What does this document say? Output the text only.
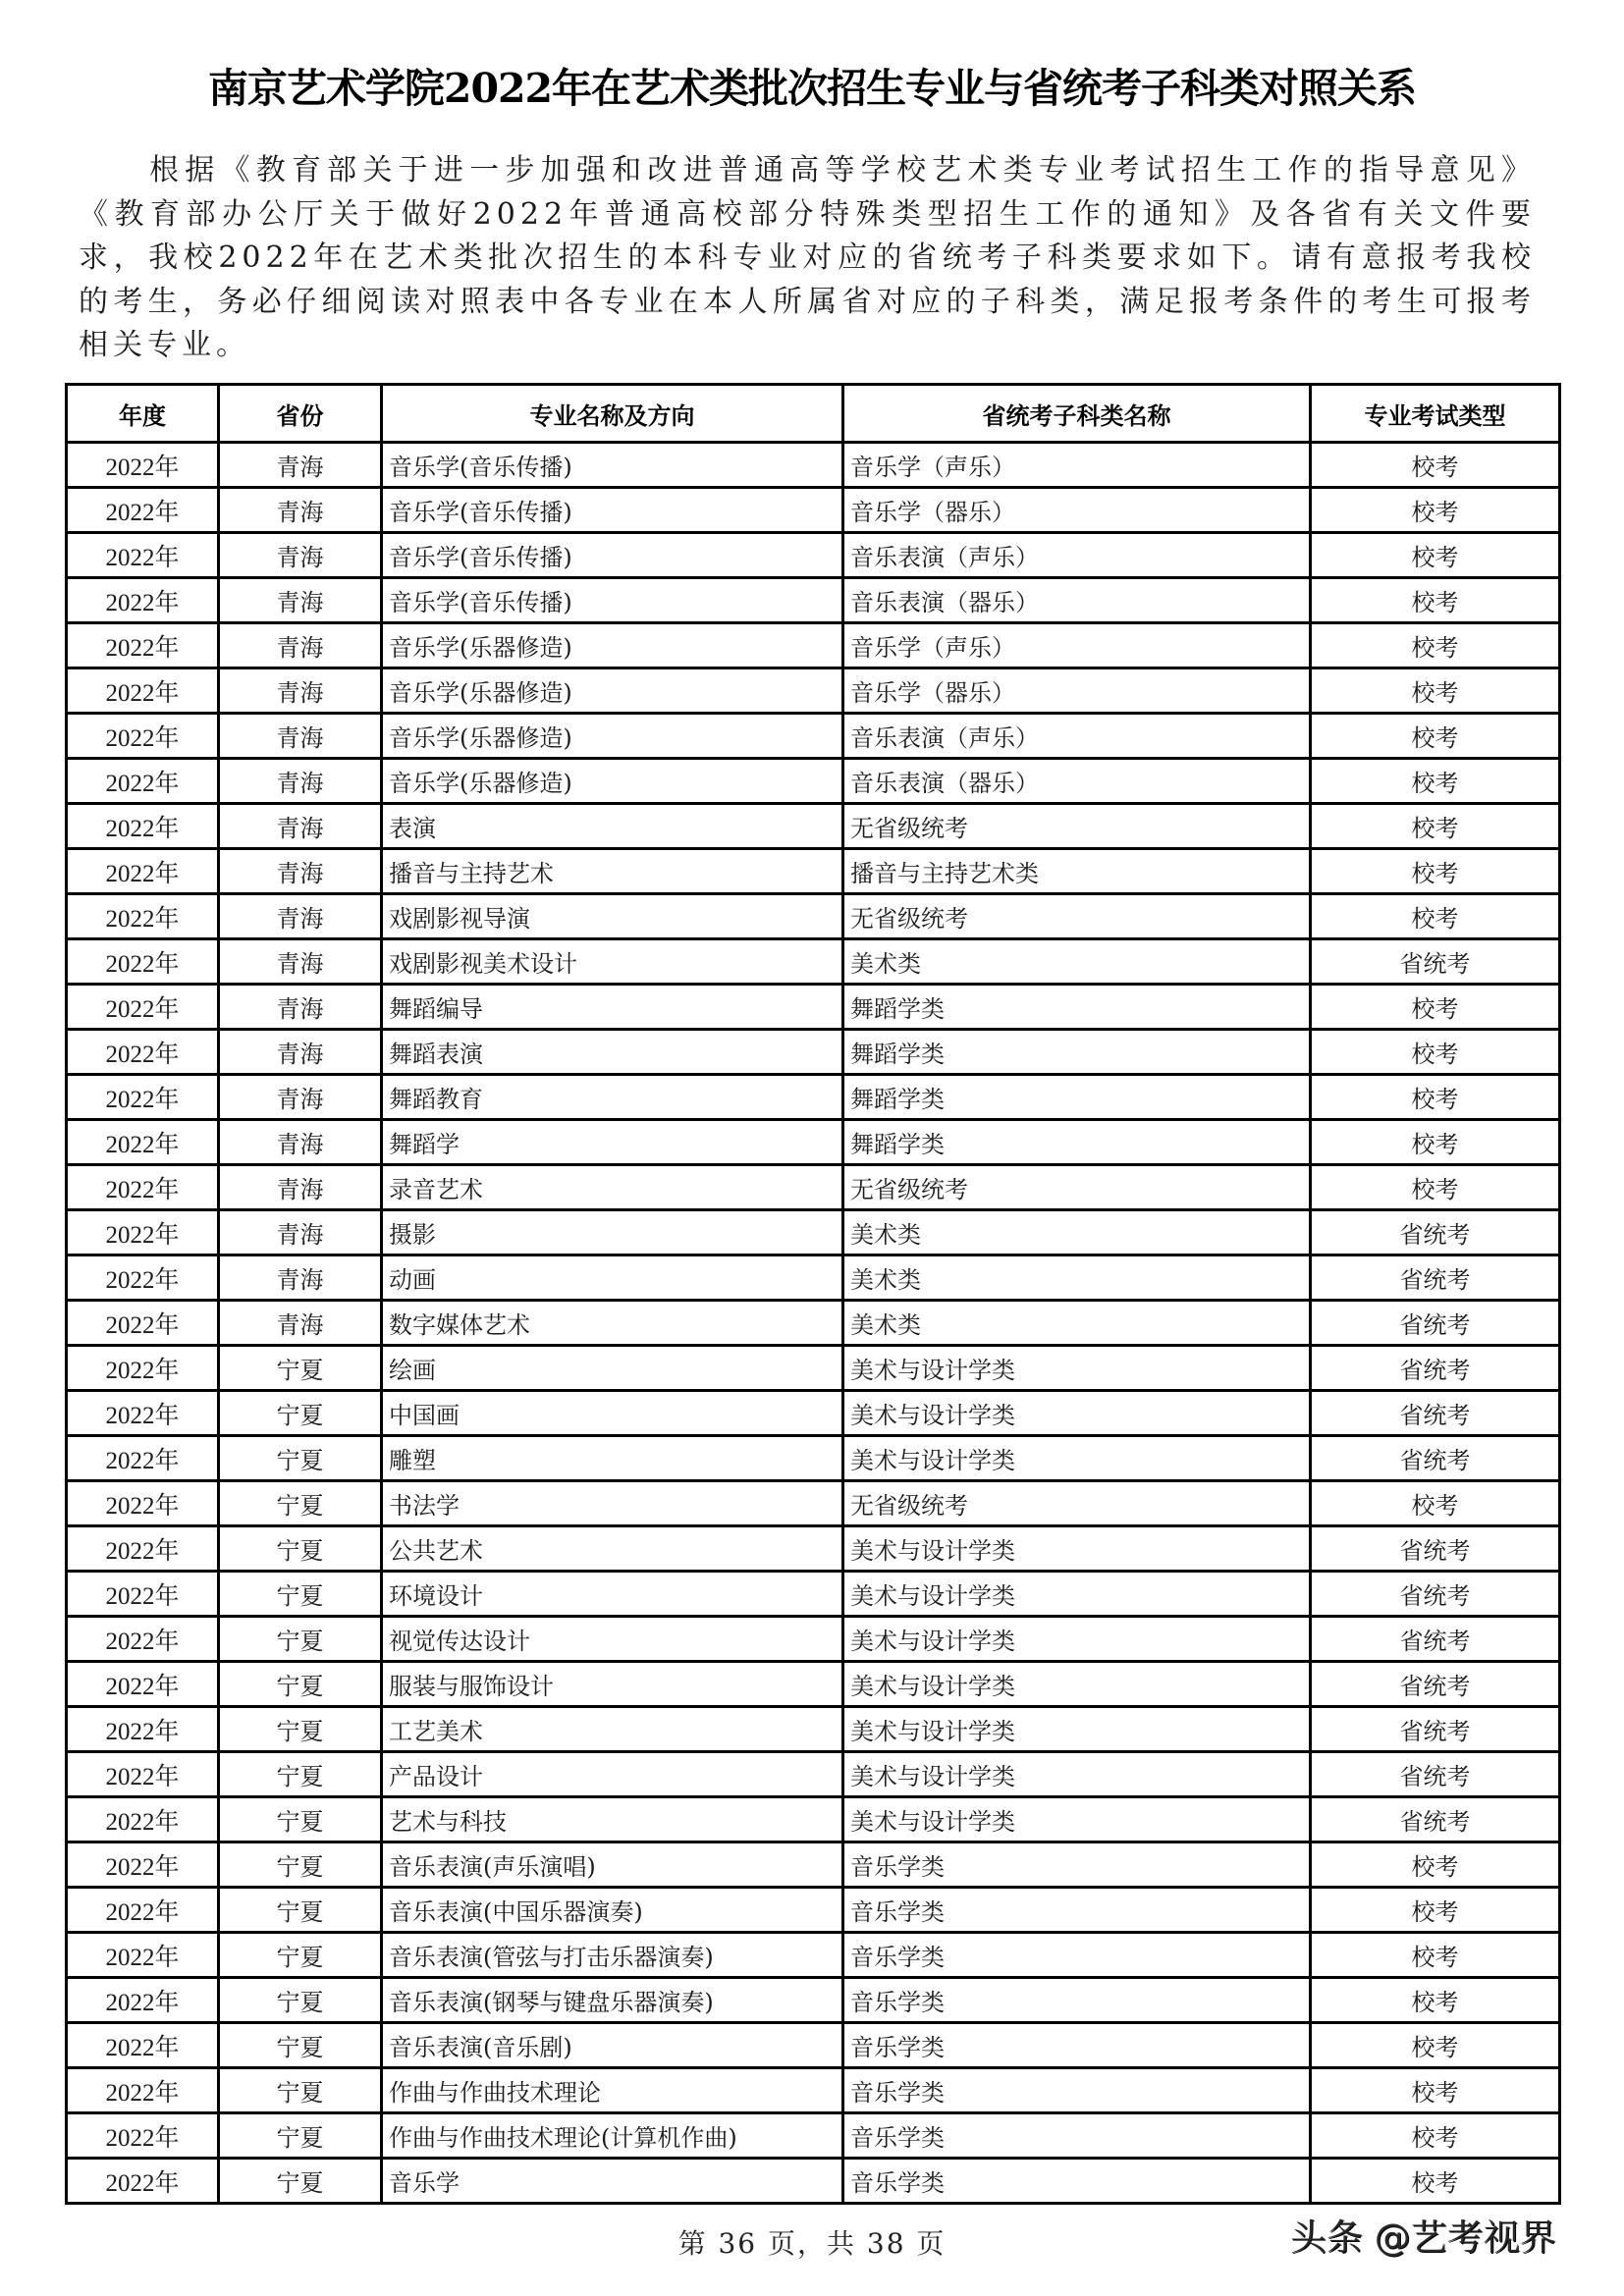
南京艺术学院2022年在艺术类批次招生专业与省统考子科类对照关系

根据《教育部关于进一步加强和改进普通高等学校艺术类专业考试招生工作的指导意见》《教育部办公厅关于做好2022年普通高校部分特殊类型招生工作的通知》及各省有关文件要求，我校2022年在艺术类批次招生的本科专业对应的省统考子科类要求如下。请有意报考我校的考生，务必仔细阅读对照表中各专业在本人所属省对应的子科类，满足报考条件的考生可报考相关专业。

年度	省份	专业名称及方向	省统考子科类名称	专业考试类型
2022年	青海	音乐学(音乐传播)	音乐学（声乐）	校考
2022年	青海	音乐学(音乐传播)	音乐学（器乐）	校考
2022年	青海	音乐学(音乐传播)	音乐表演（声乐）	校考
2022年	青海	音乐学(音乐传播)	音乐表演（器乐）	校考
2022年	青海	音乐学(乐器修造)	音乐学（声乐）	校考
2022年	青海	音乐学(乐器修造)	音乐学（器乐）	校考
2022年	青海	音乐学(乐器修造)	音乐表演（声乐）	校考
2022年	青海	音乐学(乐器修造)	音乐表演（器乐）	校考
2022年	青海	表演	无省级统考	校考
2022年	青海	播音与主持艺术	播音与主持艺术类	校考
2022年	青海	戏剧影视导演	无省级统考	校考
2022年	青海	戏剧影视美术设计	美术类	省统考
2022年	青海	舞蹈编导	舞蹈学类	校考
2022年	青海	舞蹈表演	舞蹈学类	校考
2022年	青海	舞蹈教育	舞蹈学类	校考
2022年	青海	舞蹈学	舞蹈学类	校考
2022年	青海	录音艺术	无省级统考	校考
2022年	青海	摄影	美术类	省统考
2022年	青海	动画	美术类	省统考
2022年	青海	数字媒体艺术	美术类	省统考
2022年	宁夏	绘画	美术与设计学类	省统考
2022年	宁夏	中国画	美术与设计学类	省统考
2022年	宁夏	雕塑	美术与设计学类	省统考
2022年	宁夏	书法学	无省级统考	校考
2022年	宁夏	公共艺术	美术与设计学类	省统考
2022年	宁夏	环境设计	美术与设计学类	省统考
2022年	宁夏	视觉传达设计	美术与设计学类	省统考
2022年	宁夏	服装与服饰设计	美术与设计学类	省统考
2022年	宁夏	工艺美术	美术与设计学类	省统考
2022年	宁夏	产品设计	美术与设计学类	省统考
2022年	宁夏	艺术与科技	美术与设计学类	省统考
2022年	宁夏	音乐表演(声乐演唱)	音乐学类	校考
2022年	宁夏	音乐表演(中国乐器演奏)	音乐学类	校考
2022年	宁夏	音乐表演(管弦与打击乐器演奏)	音乐学类	校考
2022年	宁夏	音乐表演(钢琴与键盘乐器演奏)	音乐学类	校考
2022年	宁夏	音乐表演(音乐剧)	音乐学类	校考
2022年	宁夏	作曲与作曲技术理论	音乐学类	校考
2022年	宁夏	作曲与作曲技术理论(计算机作曲)	音乐学类	校考
2022年	宁夏	音乐学	音乐学类	校考
第 36 页，共 38 页	头条 @艺考视界
